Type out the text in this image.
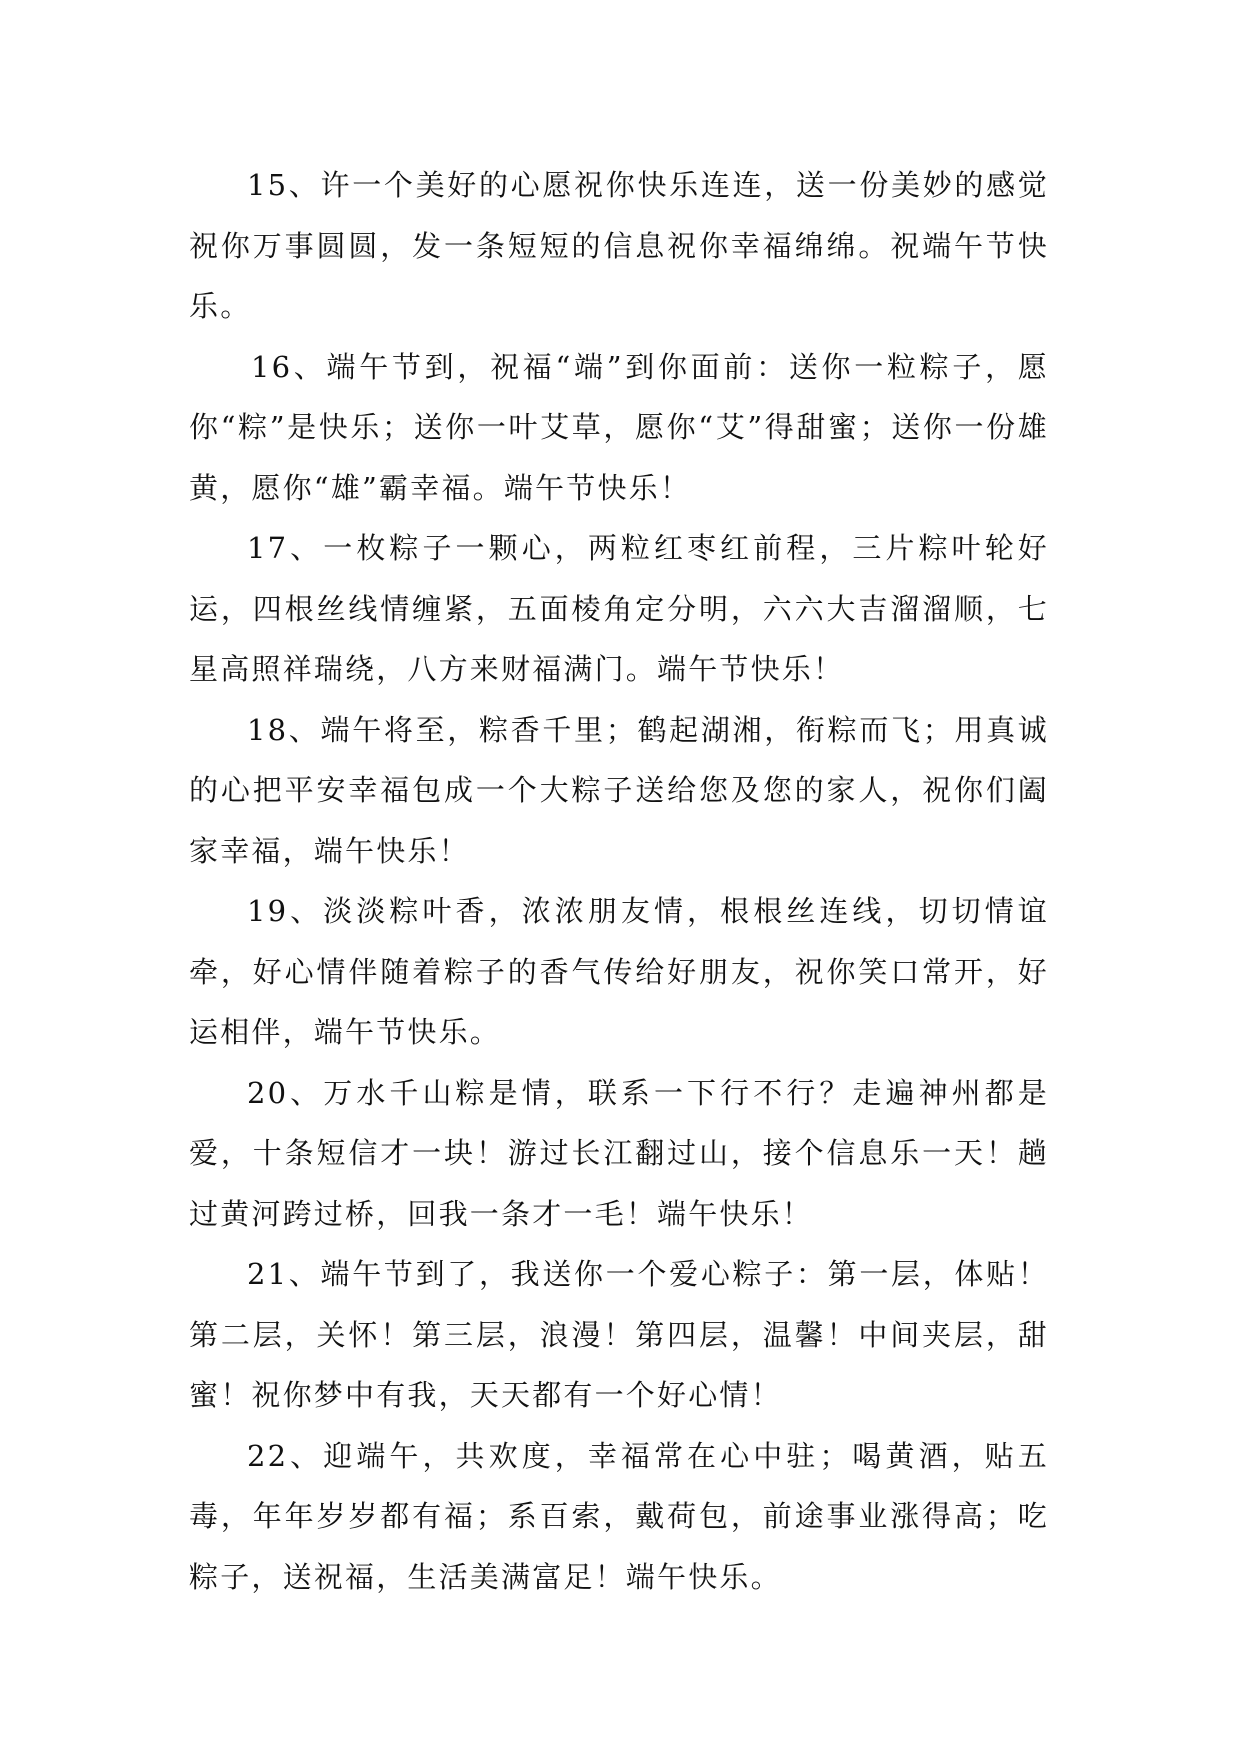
15、许一个美好的心愿祝你快乐连连，送一份美妙的感觉祝你万事圆圆，发一条短短的信息祝你幸福绵绵。祝端午节快乐。

16、端午节到，祝福“端”到你面前：送你一粒粽子，愿你“粽”是快乐；送你一叶艾草，愿你“艾”得甜蜜；送你一份雄黄，愿你“雄”霸幸福。端午节快乐！

17、一枚粽子一颗心，两粒红枣红前程，三片粽叶轮好运，四根丝线情缠紧，五面棱角定分明，六六大吉溜溜顺，七星高照祥瑞绕，八方来财福满门。端午节快乐！

18、端午将至，粽香千里；鹤起湖湘，衔粽而飞；用真诚的心把平安幸福包成一个大粽子送给您及您的家人，祝你们阖家幸福，端午快乐！

19、淡淡粽叶香，浓浓朋友情，根根丝连线，切切情谊牵，好心情伴随着粽子的香气传给好朋友，祝你笑口常开，好运相伴，端午节快乐。

20、万水千山粽是情，联系一下行不行？走遍神州都是爱，十条短信才一块！游过长江翻过山，接个信息乐一天！趟过黄河跨过桥，回我一条才一毛！端午快乐！

21、端午节到了，我送你一个爱心粽子：第一层，体贴！第二层，关怀！第三层，浪漫！第四层，温馨！中间夹层，甜蜜！祝你梦中有我，天天都有一个好心情！

22、迎端午，共欢度，幸福常在心中驻；喝黄酒，贴五毒，年年岁岁都有福；系百索，戴荷包，前途事业涨得高；吃粽子，送祝福，生活美满富足！端午快乐。
